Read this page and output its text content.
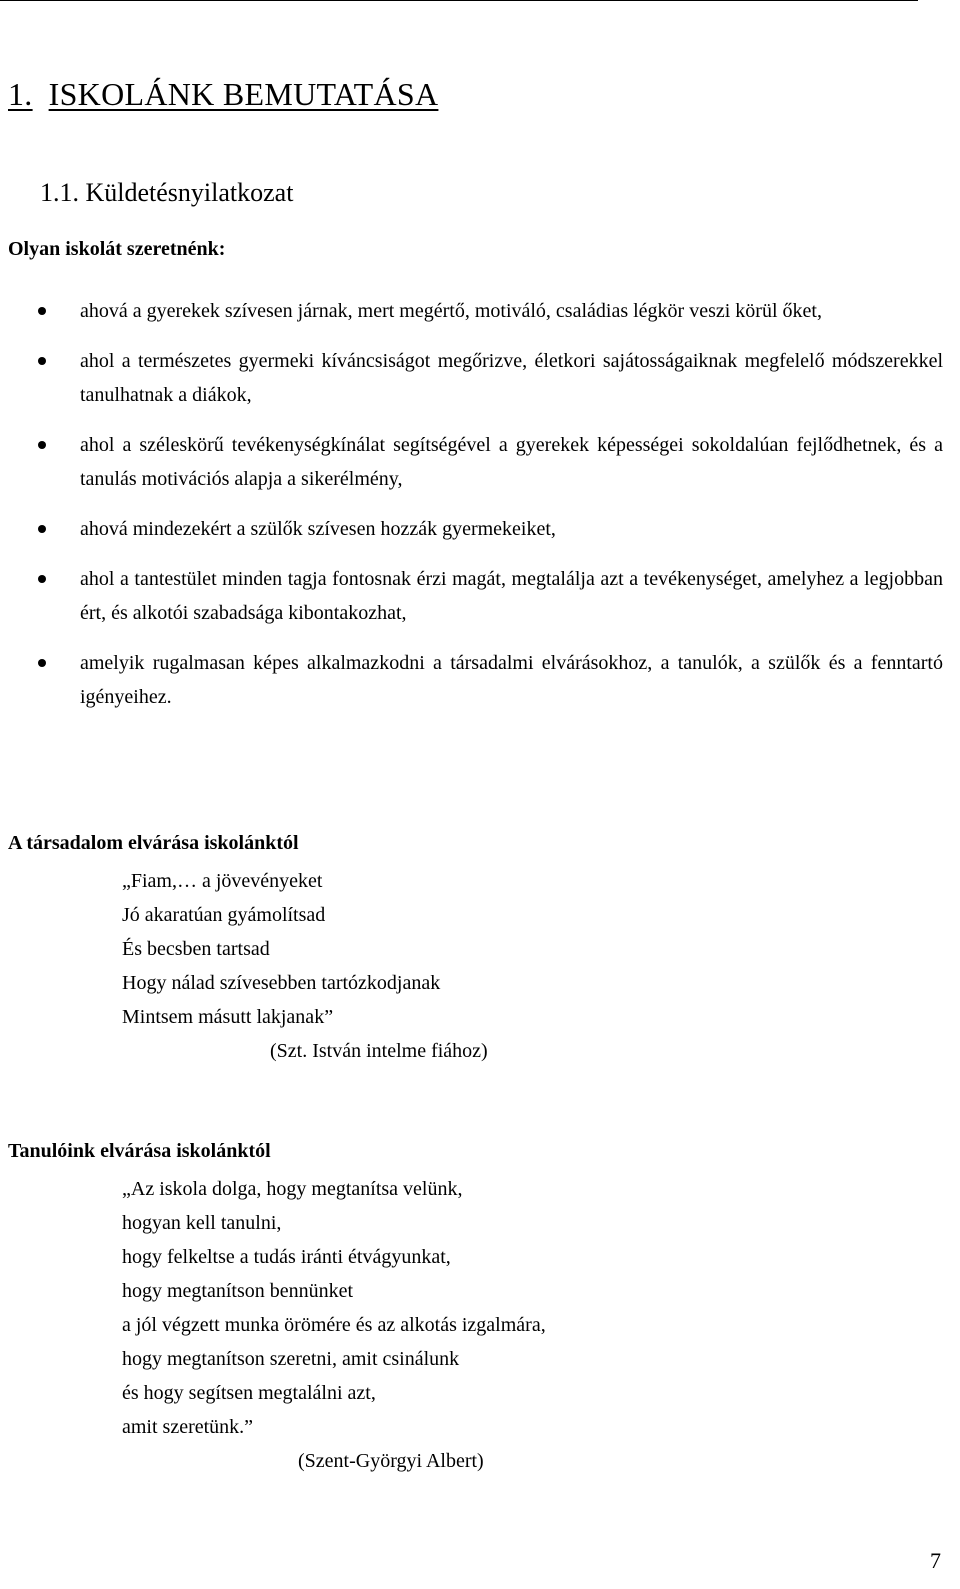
1. ISKOLÁNK BEMUTATÁSA
1.1. Küldetésnyilatkozat
Olyan iskolát szeretnénk:
ahová a gyerekek szívesen járnak, mert megértő, motiváló, családias légkör veszi körül őket,
ahol a természetes gyermeki kíváncsiságot megőrizve, életkori sajátosságaiknak megfelelő módszerekkel tanulhatnak a diákok,
ahol a széleskörű tevékenységkínálat segítségével a gyerekek képességei sokoldalúan fejlődhetnek, és a tanulás motivációs alapja a sikerélmény,
ahová mindezekért a szülők szívesen hozzák gyermekeiket,
ahol a tantestület minden tagja fontosnak érzi magát, megtalálja azt a tevékenységet, amelyhez a legjobban ért, és alkotói szabadsága kibontakozhat,
amelyik rugalmasan képes alkalmazkodni a társadalmi elvárásokhoz, a tanulók, a szülők és a fenntartó igényeihez.
A társadalom elvárása iskolánktól
„Fiam,… a jövevényeket
Jó akaratúan gyámolítsad
És becsben tartsad
Hogy nálad szívesebben tartózkodjanak
Mintsem másutt lakjanak”
(Szt. István intelme fiához)
Tanulóink elvárása iskolánktól
„Az iskola dolga, hogy megtanítsa velünk,
hogyan kell tanulni,
hogy felkeltse a tudás iránti étvágyunkat,
hogy megtanítson bennünket
a jól végzett munka örömére és az alkotás izgalmára,
hogy megtanítson szeretni, amit csinálunk
és hogy segítsen megtalálni azt,
amit szeretünk.”
(Szent-Györgyi Albert)
7
